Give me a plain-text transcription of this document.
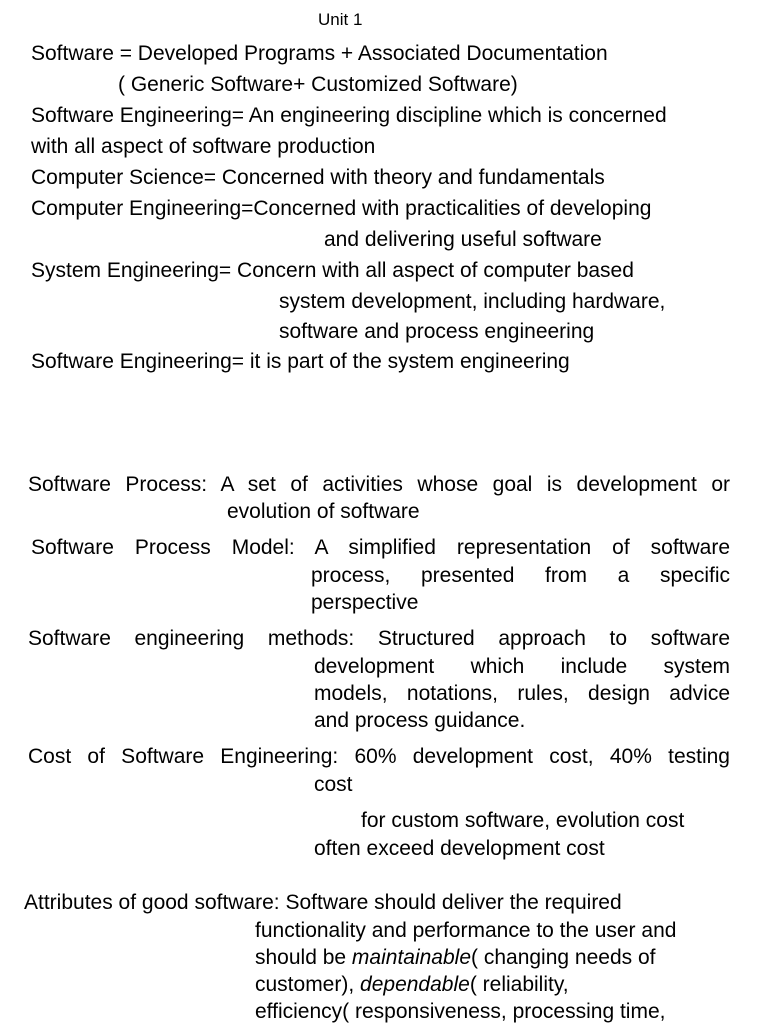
Unit 1
Software = Developed Programs + Associated Documentation
( Generic Software+ Customized Software)
Software Engineering= An engineering discipline which is concerned
with all aspect of software production
Computer Science= Concerned with theory and fundamentals
Computer Engineering=Concerned with practicalities of developing
and delivering useful software
System Engineering= Concern with all aspect of computer based
system development, including hardware,
software and process engineering
Software Engineering= it is part of the system engineering
Software Process: A set of activities whose goal is development or
evolution of software
Software Process Model: A simplified representation of software
process, presented from a specific
perspective
Software engineering methods: Structured approach to software
development which include system
models, notations, rules, design advice
and process guidance.
Cost of Software Engineering: 60% development cost, 40% testing
cost
for custom software, evolution cost
often exceed development cost
Attributes of good software: Software should deliver the required
functionality and performance to the user and
should be maintainable( changing needs of
customer), dependable( reliability,
efficiency( responsiveness, processing time,
